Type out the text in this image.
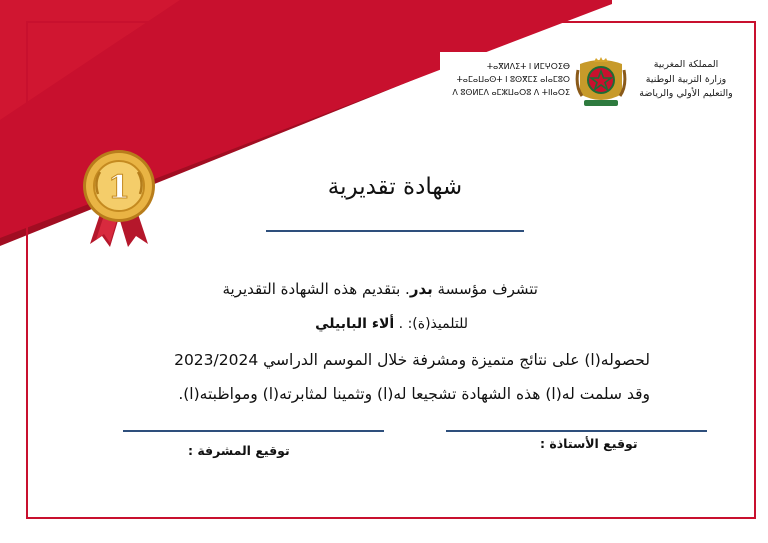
ⵜⴰⴳⵍⴷⵉⵜ ⵏ ⵍⵎⵖⵔⵉⴱ
ⵜⴰⵎⴰⵡⴰⵙⵜ ⵏ ⵓⵙⴳⵎⵉ ⴰⵏⴰⵎⵓⵔ
ⴷ ⵓⵙⵍⵎⴷ ⴰⵎⵣⵡⴰⵔⵓ ⴷ ⵜⵏⵏⴰⵔⵉ
المملكة المغربية
وزارة التربية الوطنية
والتعليم الأولي والرياضة
1	شهادة تقديرية
تتشرف مؤسسة بدر. بتقديم هذه الشهادة التقديرية
للتلميذ(ة): . ألاء البابيلي
لحصوله(ا) على نتائج متميزة ومشرفة خلال الموسم الدراسي 2023/2024
وقد سلمت له(ا) هذه الشهادة تشجيعا له(ا) وتثمينا لمثابرته(ا) ومواظبته(ا).
توقيع الأستاذة :
توقيع المشرفة :
